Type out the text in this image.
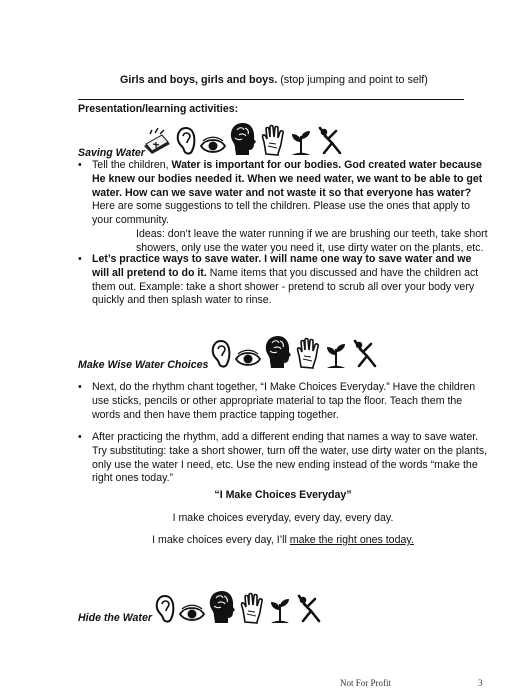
Girls and boys, girls and boys. (stop jumping and point to self)
Presentation/learning activities:
Saving Water
• Tell the children, Water is important for our bodies. God created water because He knew our bodies needed it. When we need water, we want to be able to get water. How can we save water and not waste it so that everyone has water? Here are some suggestions to tell the children. Please use the ones that apply to your community.
Ideas: don’t leave the water running if we are brushing our teeth, take short showers, only use the water you need it, use dirty water on the plants, etc.
• Let’s practice ways to save water. I will name one way to save water and we will all pretend to do it. Name items that you discussed and have the children act them out. Example: take a short shower - pretend to scrub all over your body very quickly and then splash water to rinse.
Make Wise Water Choices
• Next, do the rhythm chant together, “I Make Choices Everyday.” Have the children use sticks, pencils or other appropriate material to tap the floor. Teach them the words and then have them practice tapping together.
• After practicing the rhythm, add a different ending that names a way to save water. Try substituting: take a short shower, turn off the water, use dirty water on the plants, only use the water I need, etc. Use the new ending instead of the words “make the right ones today.”
“I Make Choices Everyday”
I make choices everyday, every day, every day.
I make choices every day, I’ll make the right ones today.
Hide the Water
Not For Profit	3
